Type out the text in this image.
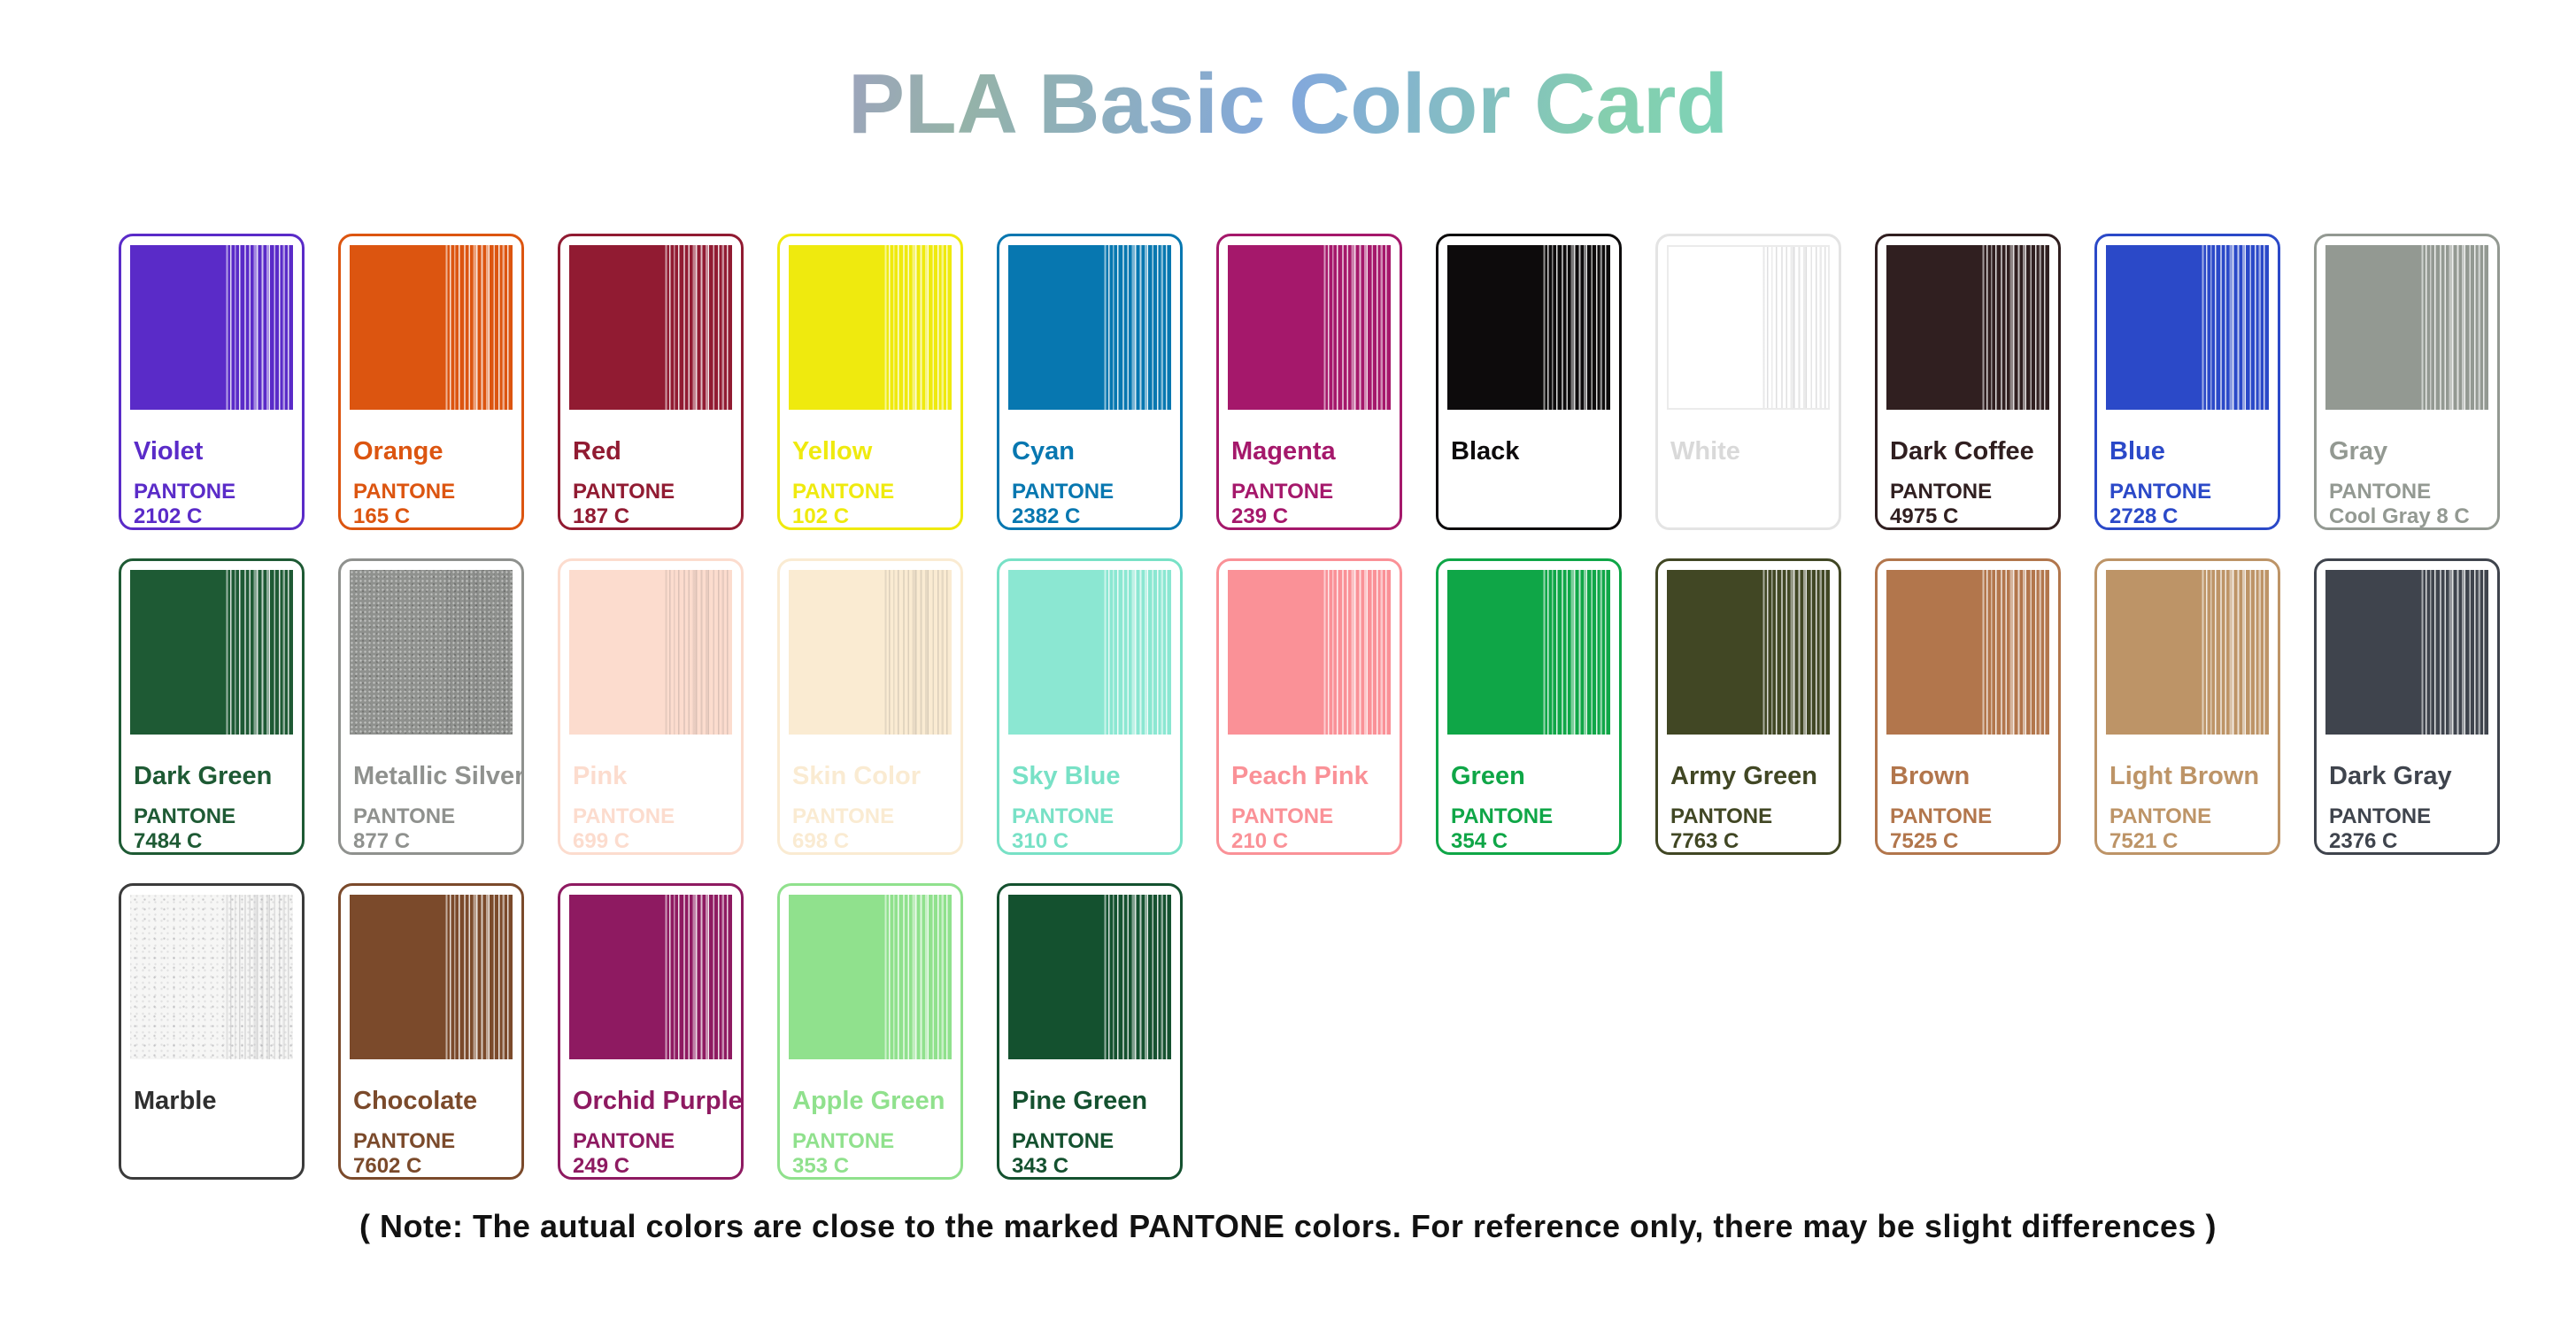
PLA Basic Color Card
Violet
PANTONE
2102 C
Orange
PANTONE
165 C
Red
PANTONE
187 C
Yellow
PANTONE
102 C
Cyan
PANTONE
2382 C
Magenta
PANTONE
239 C
Black	White	Dark Coffee
PANTONE
4975 C
Blue
PANTONE
2728 C
Gray
PANTONE
Cool Gray 8 C
Dark Green
PANTONE
7484 C
Metallic Silver
PANTONE
877 C
Pink
PANTONE
699 C
Skin Color
PANTONE
698 C
Sky Blue
PANTONE
310 C
Peach Pink
PANTONE
210 C
Green
PANTONE
354 C
Army Green
PANTONE
7763 C
Brown
PANTONE
7525 C
Light Brown
PANTONE
7521 C
Dark Gray
PANTONE
2376 C
Marble	Chocolate
PANTONE
7602 C
Orchid Purple
PANTONE
249 C
Apple Green
PANTONE
353 C
Pine Green
PANTONE
343 C
( Note: The autual colors are close to the marked PANTONE colors. For reference only, there may be slight differences )
